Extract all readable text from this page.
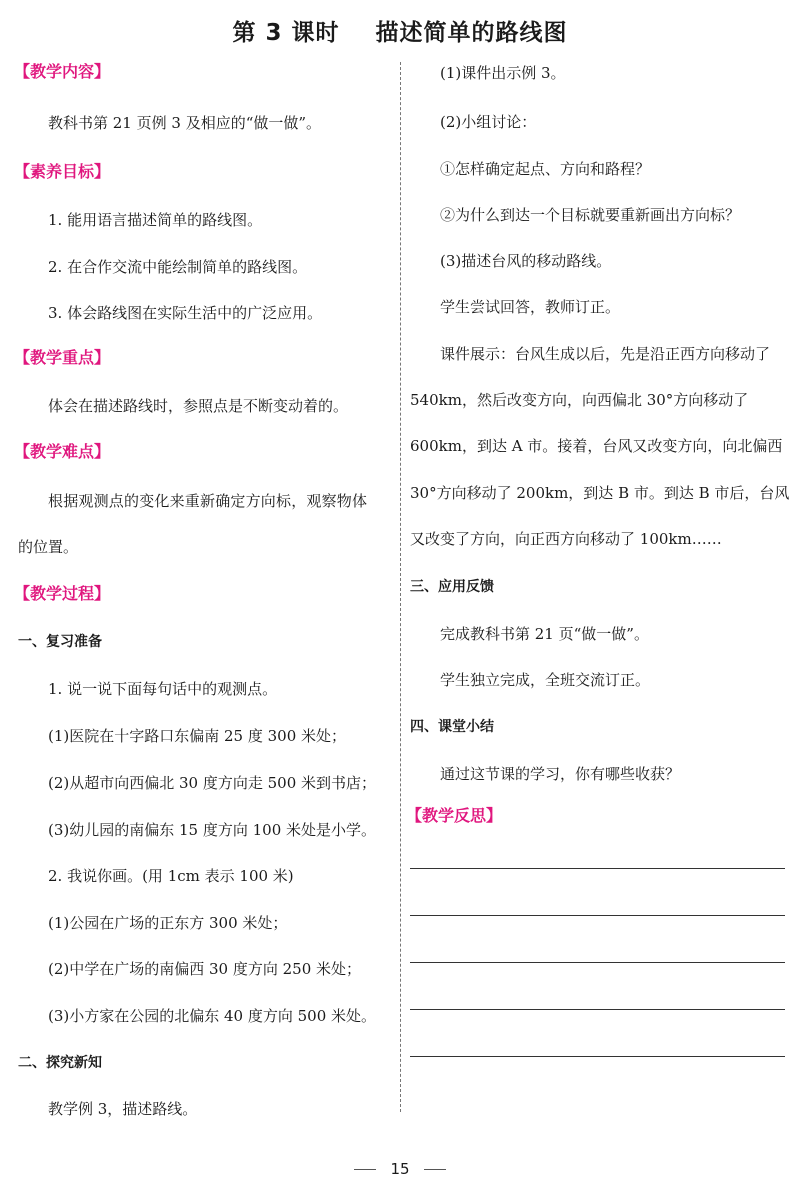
第 3 课时 描述简单的路线图
【教学内容】
教科书第 21 页例 3 及相应的“做一做”。
【素养目标】
1. 能用语言描述简单的路线图。
2. 在合作交流中能绘制简单的路线图。
3. 体会路线图在实际生活中的广泛应用。
【教学重点】
体会在描述路线时，参照点是不断变动着的。
【教学难点】
根据观测点的变化来重新确定方向标，观察物体
的位置。
【教学过程】
一、复习准备
1. 说一说下面每句话中的观测点。
(1)医院在十字路口东偏南 25 度 300 米处；
(2)从超市向西偏北 30 度方向走 500 米到书店；
(3)幼儿园的南偏东 15 度方向 100 米处是小学。
2. 我说你画。(用 1cm 表示 100 米)
(1)公园在广场的正东方 300 米处；
(2)中学在广场的南偏西 30 度方向 250 米处；
(3)小方家在公园的北偏东 40 度方向 500 米处。
二、探究新知
教学例 3，描述路线。
(1)课件出示例 3。
(2)小组讨论：
①怎样确定起点、方向和路程？
②为什么到达一个目标就要重新画出方向标？
(3)描述台风的移动路线。
学生尝试回答，教师订正。
课件展示：台风生成以后，先是沿正西方向移动了
540km，然后改变方向，向西偏北 30°方向移动了
600km，到达 A 市。接着，台风又改变方向，向北偏西
30°方向移动了 200km，到达 B 市。到达 B 市后，台风
又改变了方向，向正西方向移动了 100km……
三、应用反馈
完成教科书第 21 页“做一做”。
学生独立完成，全班交流订正。
四、课堂小结
通过这节课的学习，你有哪些收获？
【教学反思】
15
